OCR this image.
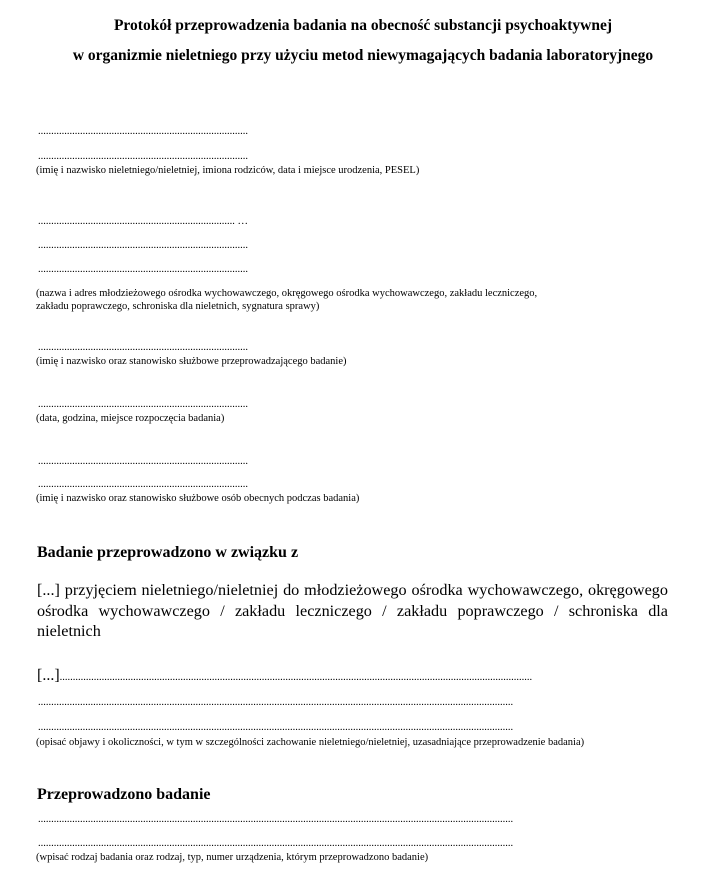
Protokół przeprowadzenia badania na obecność substancji psychoaktywnej
w organizmie nieletniego przy użyciu metod niewymagających badania laboratoryjnego
................................................................................
................................................................................
(imię i nazwisko nieletniego/nieletniej, imiona rodziców, data i miejsce urodzenia, PESEL)
........................................................................... …
................................................................................
................................................................................
(nazwa i adres młodzieżowego ośrodka wychowawczego, okręgowego ośrodka wychowawczego, zakładu leczniczego,
zakładu poprawczego, schroniska dla nieletnich, sygnatura sprawy)
................................................................................
(imię i nazwisko oraz stanowisko służbowe przeprowadzającego badanie)
................................................................................
(data, godzina, miejsce rozpoczęcia badania)
................................................................................
................................................................................
(imię i nazwisko oraz stanowisko służbowe osób obecnych podczas badania)
Badanie przeprowadzono w związku z
[...] przyjęciem nieletniego/nieletniej do młodzieżowego ośrodka wychowawczego, okręgowego ośrodka wychowawczego / zakładu leczniczego / zakładu poprawczego / schroniska dla nieletnich
[...]....................................................................................................................................................................................
.....................................................................................................................................................................................
.....................................................................................................................................................................................
(opisać objawy i okoliczności, w tym w szczególności zachowanie nieletniego/nieletniej, uzasadniające przeprowadzenie badania)
Przeprowadzono badanie
.....................................................................................................................................................................................
.....................................................................................................................................................................................
(wpisać rodzaj badania oraz rodzaj, typ, numer urządzenia, którym przeprowadzono badanie)
